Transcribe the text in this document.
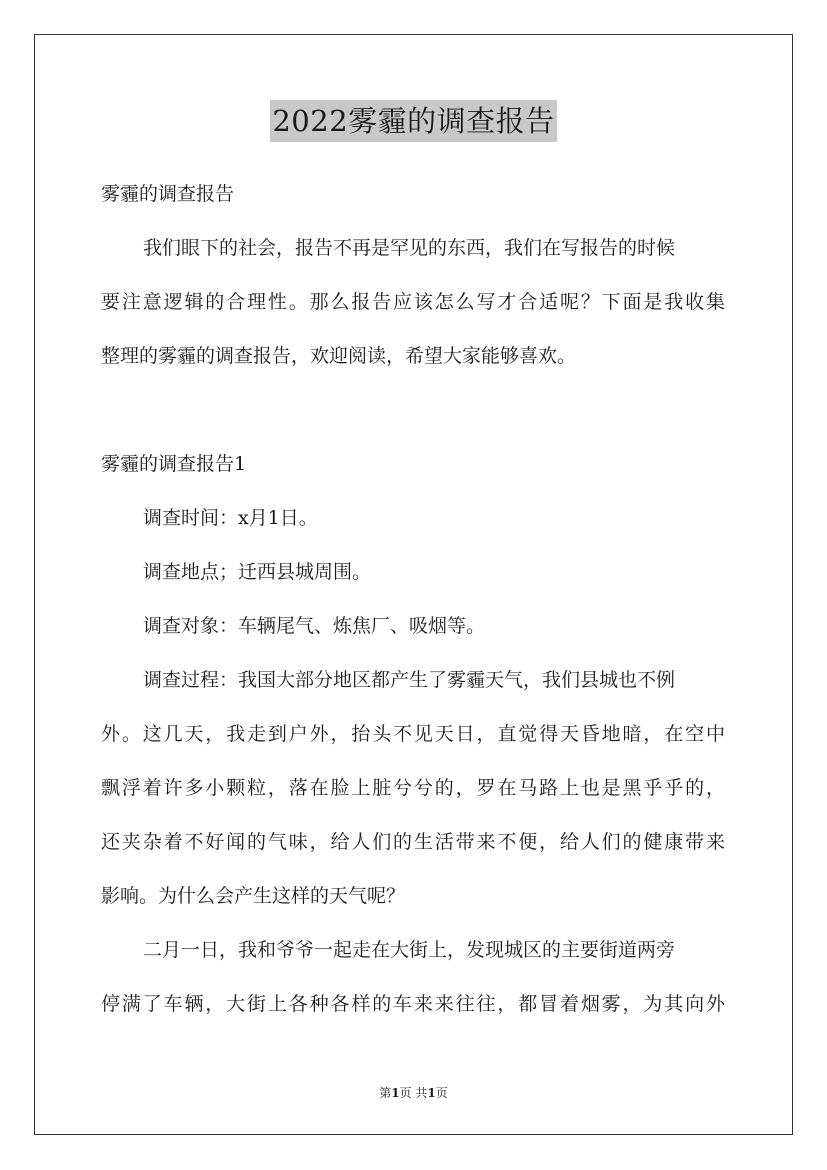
2022雾霾的调查报告
雾霾的调查报告
我们眼下的社会，报告不再是罕见的东西，我们在写报告的时候
要注意逻辑的合理性。那么报告应该怎么写才合适呢？下面是我收集
整理的雾霾的调查报告，欢迎阅读，希望大家能够喜欢。
雾霾的调查报告1
调查时间：x月1日。
调查地点；迁西县城周围。
调查对象：车辆尾气、炼焦厂、吸烟等。
调查过程：我国大部分地区都产生了雾霾天气，我们县城也不例
外。这几天，我走到户外，抬头不见天日，直觉得天昏地暗，在空中
飘浮着许多小颗粒，落在脸上脏兮兮的，罗在马路上也是黑乎乎的，
还夹杂着不好闻的气味，给人们的生活带来不便，给人们的健康带来
影响。为什么会产生这样的天气呢？
二月一日，我和爷爷一起走在大街上，发现城区的主要街道两旁
停满了车辆，大街上各种各样的车来来往往，都冒着烟雾，为其向外
第1页 共1页
